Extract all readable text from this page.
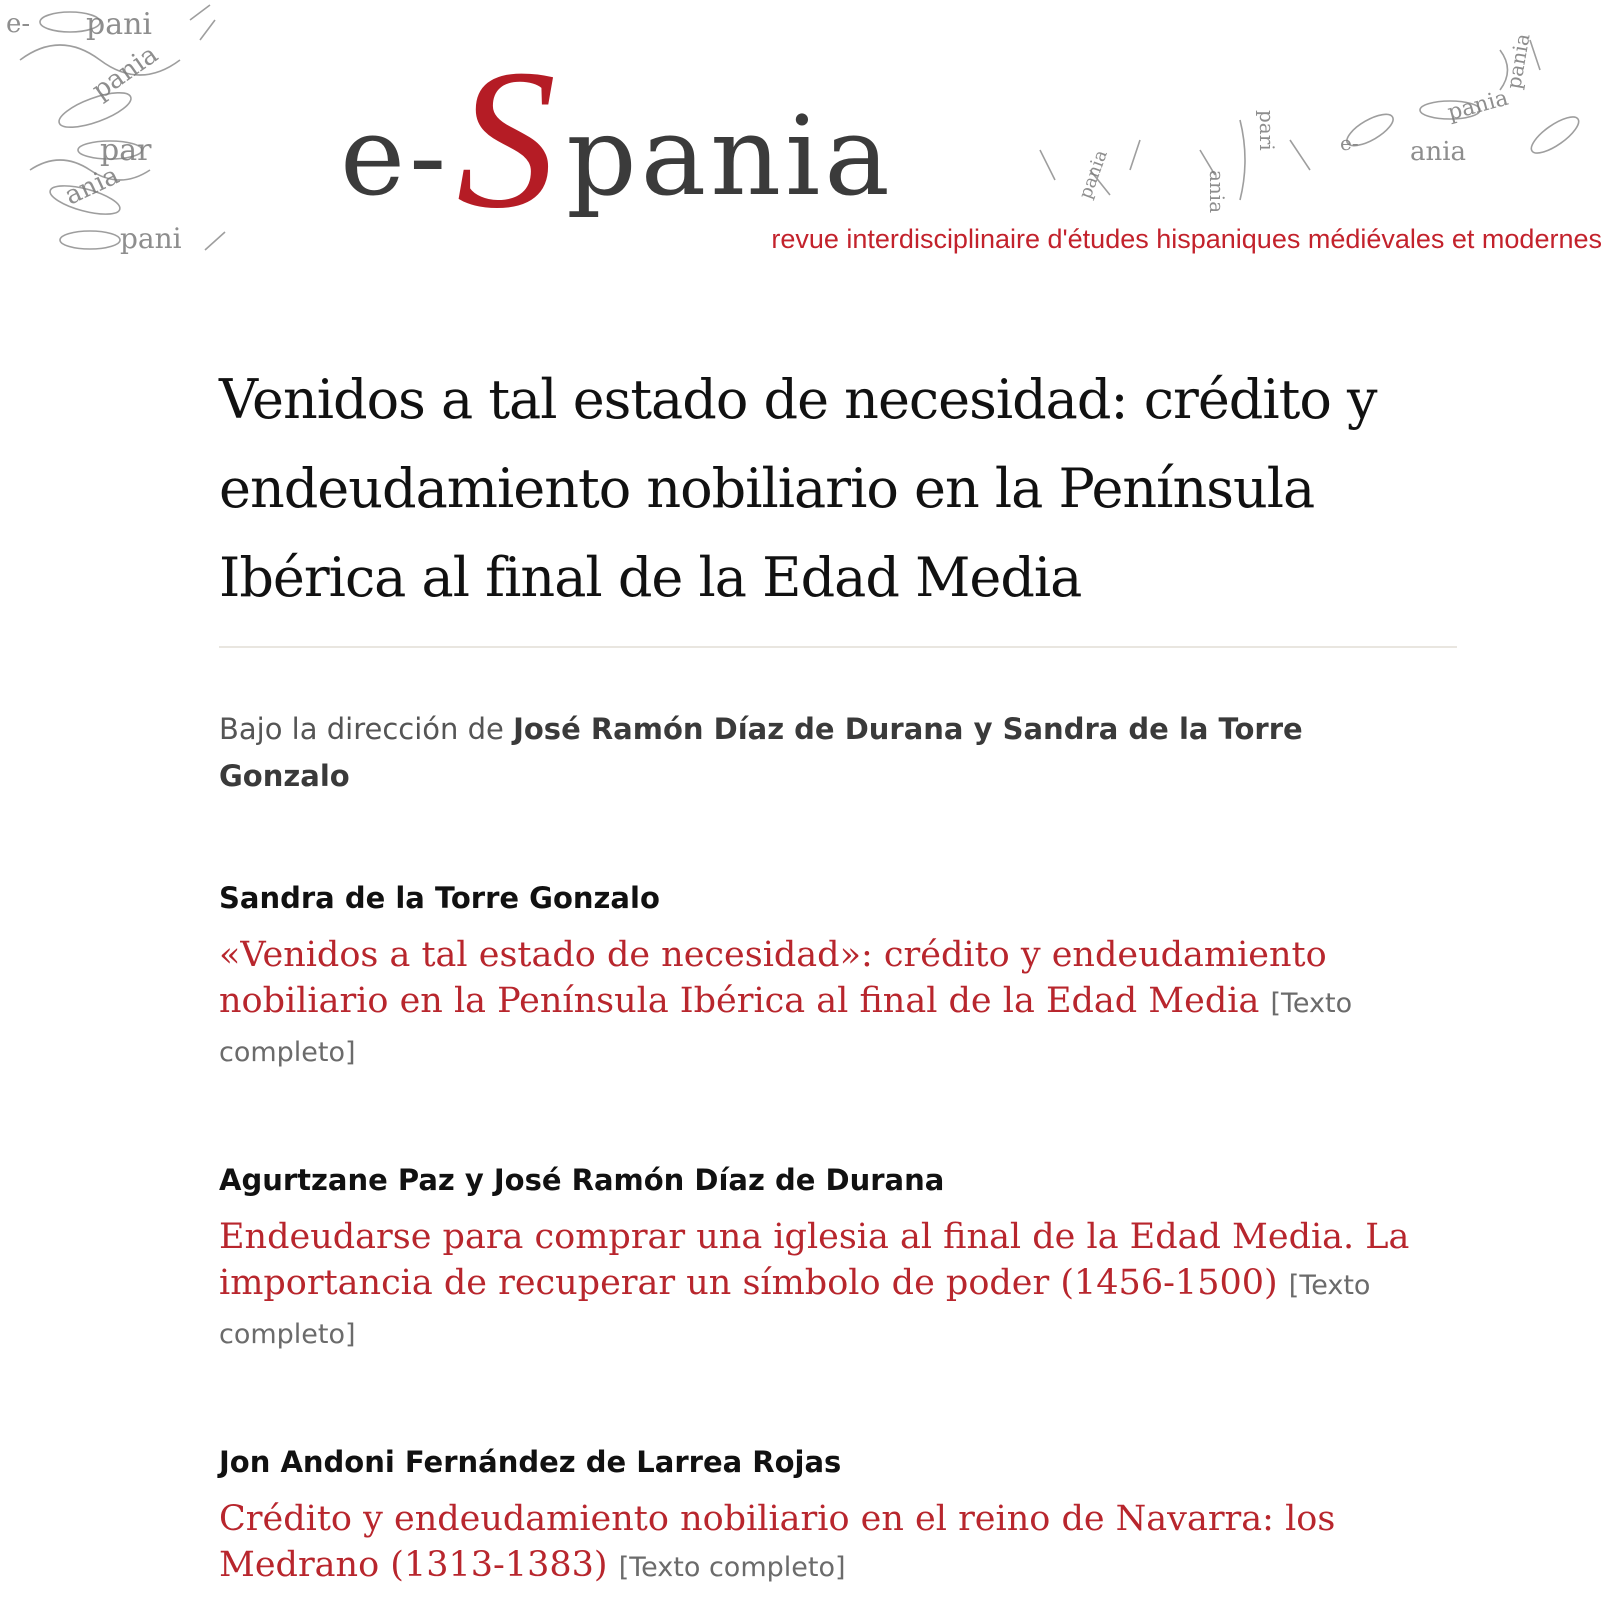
e- pani
pania
par
ania
pani
ania
pania
pania
pari
ania
pania
e-
e-Spania
revue interdisciplinaire d'études hispaniques médiévales et modernes
Venidos a tal estado de necesidad: crédito y endeudamiento nobiliario en la Península Ibérica al final de la Edad Media
Bajo la dirección de José Ramón Díaz de Durana y Sandra de la Torre Gonzalo
Sandra de la Torre Gonzalo
«Venidos a tal estado de necesidad»: crédito y endeudamiento nobiliario en la Península Ibérica al final de la Edad Media [Texto completo]
Agurtzane Paz y José Ramón Díaz de Durana
Endeudarse para comprar una iglesia al final de la Edad Media. La importancia de recuperar un símbolo de poder (1456-1500) [Texto completo]
Jon Andoni Fernández de Larrea Rojas
Crédito y endeudamiento nobiliario en el reino de Navarra: los Medrano (1313-1383) [Texto completo]
